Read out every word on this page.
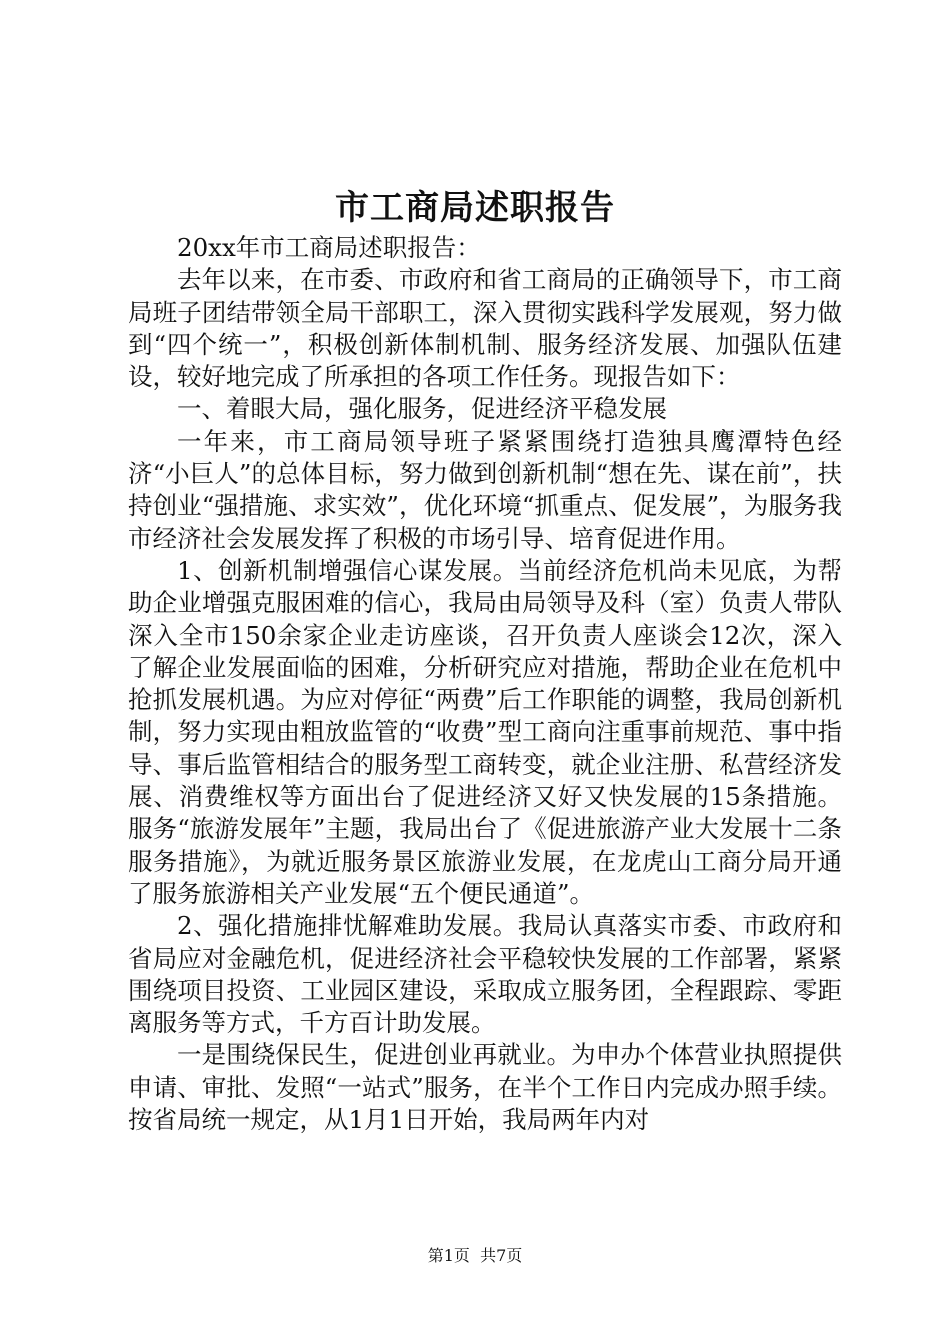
市工商局述职报告

20xx年市工商局述职报告：

去年以来，在市委、市政府和省工商局的正确领导下，市工商局班子团结带领全局干部职工，深入贯彻实践科学发展观，努力做到“四个统一”，积极创新体制机制、服务经济发展、加强队伍建设，较好地完成了所承担的各项工作任务。现报告如下：

一、着眼大局，强化服务，促进经济平稳发展

一年来，市工商局领导班子紧紧围绕打造独具鹰潭特色经济“小巨人”的总体目标，努力做到创新机制“想在先、谋在前”，扶持创业“强措施、求实效”，优化环境“抓重点、促发展”，为服务我市经济社会发展发挥了积极的市场引导、培育促进作用。

1、创新机制增强信心谋发展。当前经济危机尚未见底，为帮助企业增强克服困难的信心，我局由局领导及科（室）负责人带队深入全市150余家企业走访座谈，召开负责人座谈会12次，深入了解企业发展面临的困难，分析研究应对措施，帮助企业在危机中抢抓发展机遇。为应对停征“两费”后工作职能的调整，我局创新机制，努力实现由粗放监管的“收费”型工商向注重事前规范、事中指导、事后监管相结合的服务型工商转变，就企业注册、私营经济发展、消费维权等方面出台了促进经济又好又快发展的15条措施。服务“旅游发展年”主题，我局出台了《促进旅游产业大发展十二条服务措施》，为就近服务景区旅游业发展，在龙虎山工商分局开通了服务旅游相关产业发展“五个便民通道”。

2、强化措施排忧解难助发展。我局认真落实市委、市政府和省局应对金融危机，促进经济社会平稳较快发展的工作部署，紧紧围绕项目投资、工业园区建设，采取成立服务团，全程跟踪、零距离服务等方式，千方百计助发展。

一是围绕保民生，促进创业再就业。为申办个体营业执照提供申请、审批、发照“一站式”服务，在半个工作日内完成办照手续。按省局统一规定，从1月1日开始，我局两年内对

第1页  共7页
